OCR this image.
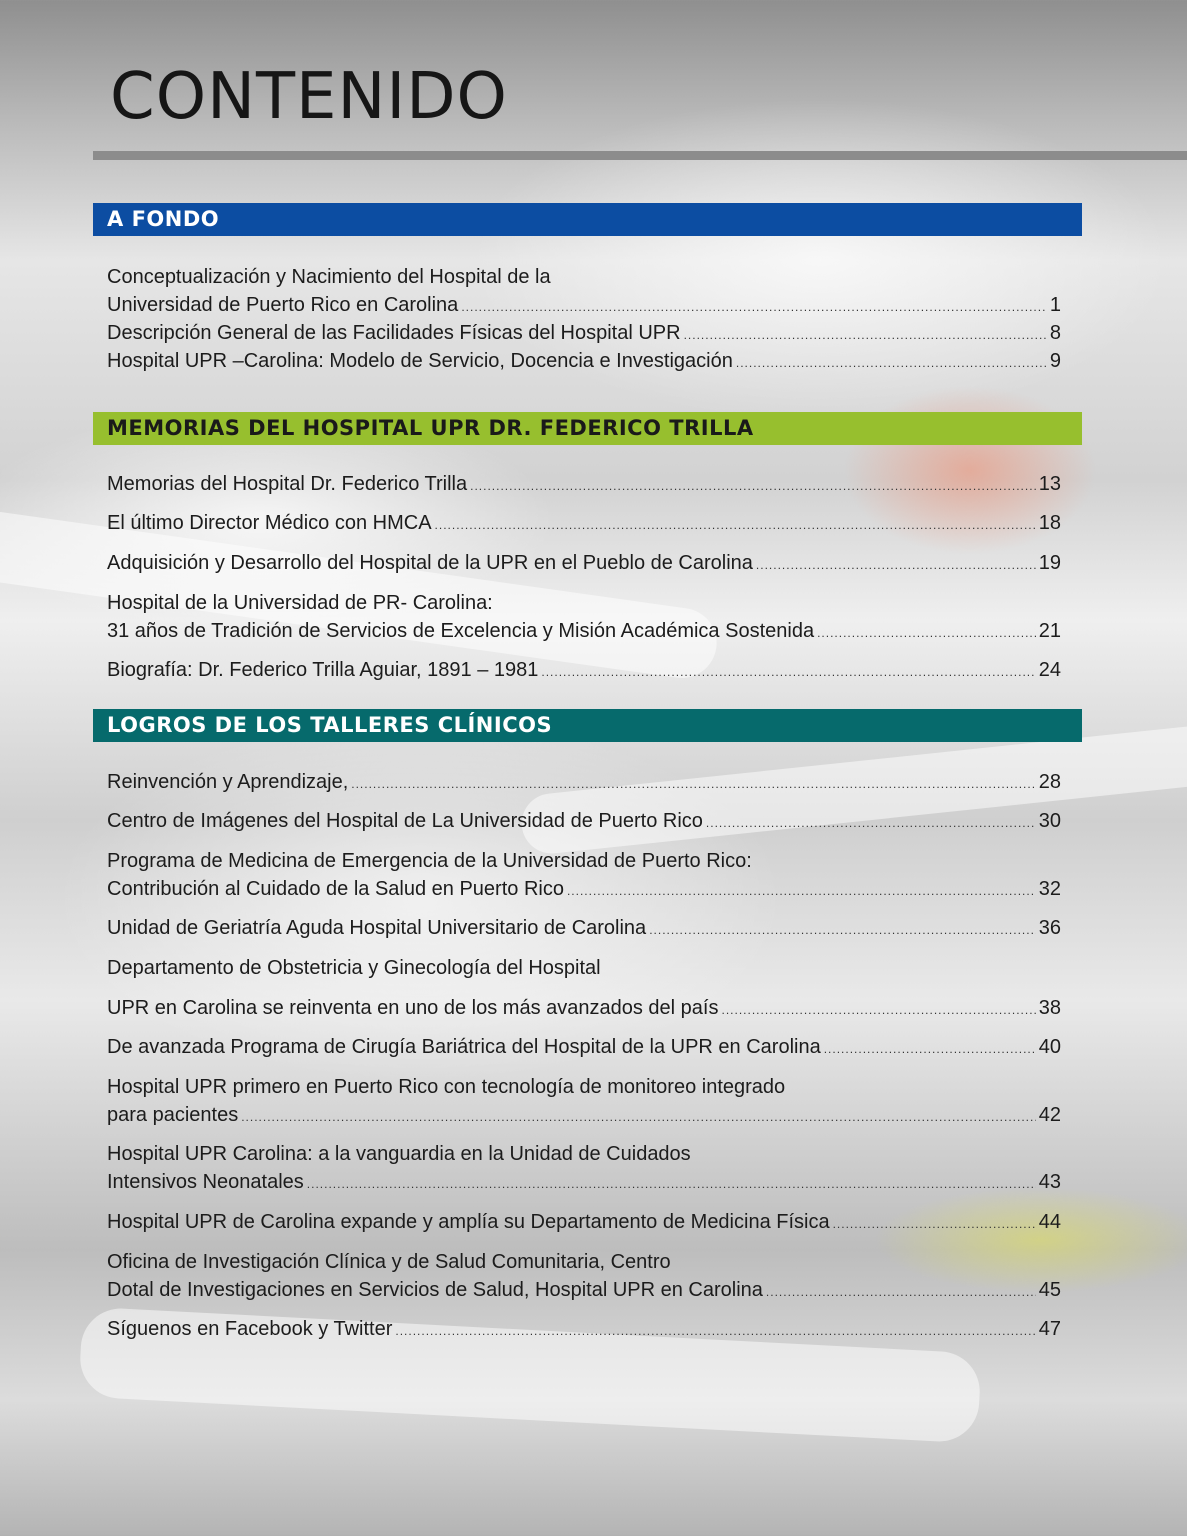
CONTENIDO
A FONDO
Conceptualización y Nacimiento del Hospital de la
Universidad de Puerto Rico en Carolina .....	1
Descripción General de las Facilidades Físicas del Hospital UPR .....	8
Hospital UPR –Carolina: Modelo de Servicio, Docencia e Investigación .....	9
MEMORIAS DEL HOSPITAL UPR DR. FEDERICO TRILLA
Memorias del Hospital Dr. Federico Trilla .....	13
El último Director Médico con HMCA .....	18
Adquisición y Desarrollo del Hospital de la UPR en el Pueblo de Carolina .....	19
Hospital de la Universidad de PR- Carolina:
31 años de Tradición de Servicios de Excelencia y Misión Académica Sostenida .....	21
Biografía: Dr. Federico Trilla Aguiar, 1891 – 1981 .....	24
LOGROS DE LOS TALLERES CLÍNICOS
Reinvención y Aprendizaje, .....	28
Centro de Imágenes del Hospital de La Universidad de Puerto Rico .....	30
Programa de Medicina de Emergencia de la Universidad de Puerto Rico:
Contribución al Cuidado de la Salud en Puerto Rico .....	32
Unidad de Geriatría Aguda Hospital Universitario de Carolina .....	36
Departamento de Obstetricia y Ginecología del Hospital
UPR en Carolina se reinventa en uno de los más avanzados del país .....	38
De avanzada Programa de Cirugía Bariátrica del Hospital de la UPR en Carolina .....	40
Hospital UPR primero en Puerto Rico con tecnología de monitoreo integrado
para pacientes .....	42
Hospital UPR Carolina: a la vanguardia en la Unidad de Cuidados
Intensivos Neonatales .....	43
Hospital UPR de Carolina expande y amplía su Departamento de Medicina Física .....	44
Oficina de Investigación Clínica y de Salud Comunitaria, Centro
Dotal de Investigaciones en Servicios de Salud, Hospital UPR en Carolina .....	45
Síguenos en Facebook y Twitter .....	47
